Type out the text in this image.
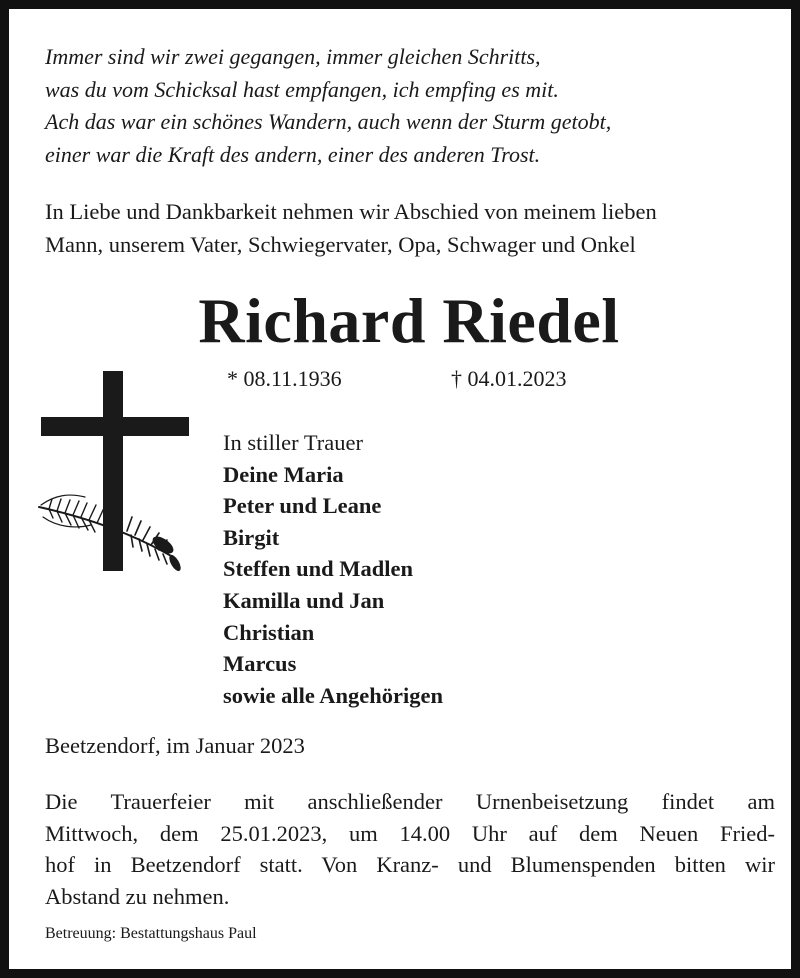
Immer sind wir zwei gegangen, immer gleichen Schritts,
was du vom Schicksal hast empfangen, ich empfing es mit.
Ach das war ein schönes Wandern, auch wenn der Sturm getobt,
einer war die Kraft des andern, einer des anderen Trost.
In Liebe und Dankbarkeit nehmen wir Abschied von meinem lieben
Mann, unserem Vater, Schwiegervater, Opa, Schwager und Onkel
Richard Riedel
* 08.11.1936	† 04.01.2023
In stiller Trauer
Deine Maria
Peter und Leane
Birgit
Steffen und Madlen
Kamilla und Jan
Christian
Marcus
sowie alle Angehörigen
Beetzendorf, im Januar 2023
Die Trauerfeier mit anschließender Urnenbeisetzung findet am
Mittwoch, dem 25.01.2023, um 14.00 Uhr auf dem Neuen Fried-
hof in Beetzendorf statt. Von Kranz- und Blumenspenden bitten wir
Abstand zu nehmen.
Betreuung: Bestattungshaus Paul
